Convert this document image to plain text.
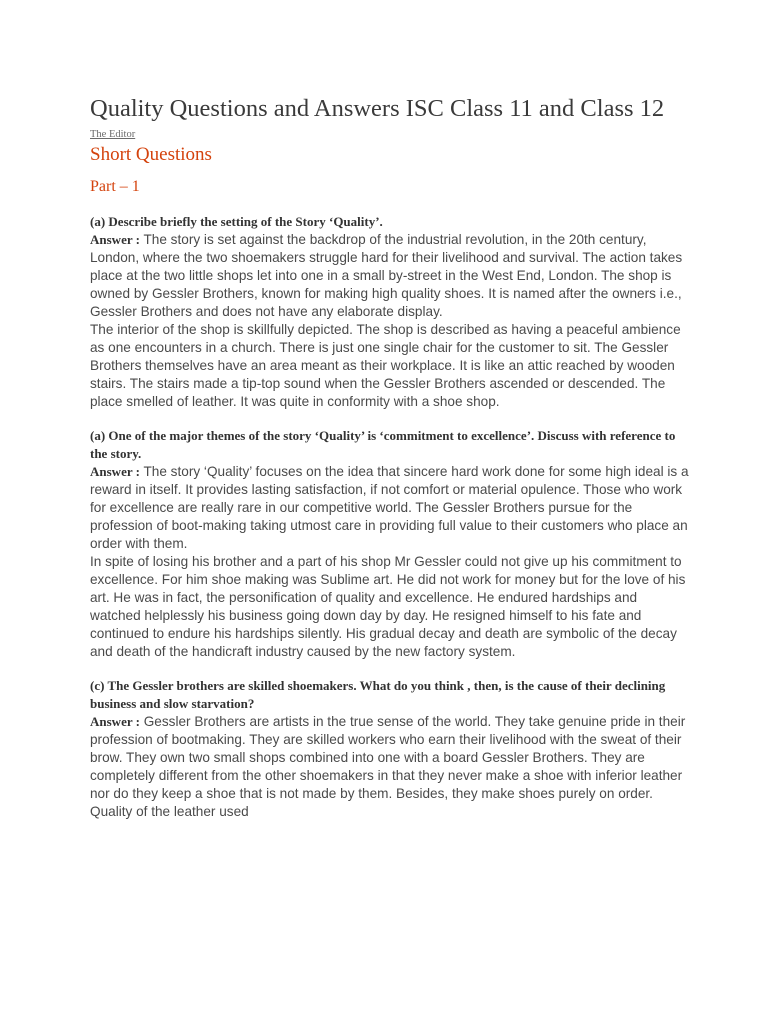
Quality Questions and Answers ISC Class 11 and Class 12
The Editor
Short Questions
Part – 1
(a) Describe briefly the setting of the Story ‘Quality’.

Answer : The story is set against the backdrop of the industrial revolution, in the 20th century, London, where the two shoemakers struggle hard for their livelihood and survival. The action takes place at the two little shops let into one in a small by-street in the West End, London. The shop is owned by Gessler Brothers, known for making high quality shoes. It is named after the owners i.e., Gessler Brothers and does not have any elaborate display.

The interior of the shop is skillfully depicted. The shop is described as having a peaceful ambience as one encounters in a church. There is just one single chair for the customer to sit. The Gessler Brothers themselves have an area meant as their workplace. It is like an attic reached by wooden stairs. The stairs made a tip-top sound when the Gessler Brothers ascended or descended. The place smelled of leather. It was quite in conformity with a shoe shop.

(a) One of the major themes of the story ‘Quality’ is ‘commitment to excellence’. Discuss with reference to the story.

Answer : The story ‘Quality’ focuses on the idea that sincere hard work done for some high ideal is a reward in itself. It provides lasting satisfaction, if not comfort or material opulence. Those who work for excellence are really rare in our competitive world. The Gessler Brothers pursue for the profession of boot-making taking utmost care in providing full value to their customers who place an order with them.

In spite of losing his brother and a part of his shop Mr Gessler could not give up his commitment to excellence. For him shoe making was Sublime art. He did not work for money but for the love of his art. He was in fact, the personification of quality and excellence. He endured hardships and watched helplessly his business going down day by day. He resigned himself to his fate and continued to endure his hardships silently. His gradual decay and death are symbolic of the decay and death of the handicraft industry caused by the new factory system.

(c) The Gessler brothers are skilled shoemakers. What do you think , then, is the cause of their declining business and slow starvation?

Answer : Gessler Brothers are artists in the true sense of the world. They take genuine pride in their profession of bootmaking. They are skilled workers who earn their livelihood with the sweat of their brow. They own two small shops combined into one with a board Gessler Brothers. They are completely different from the other shoemakers in that they never make a shoe with inferior leather nor do they keep a shoe that is not made by them. Besides, they make shoes purely on order. Quality of the leather used
